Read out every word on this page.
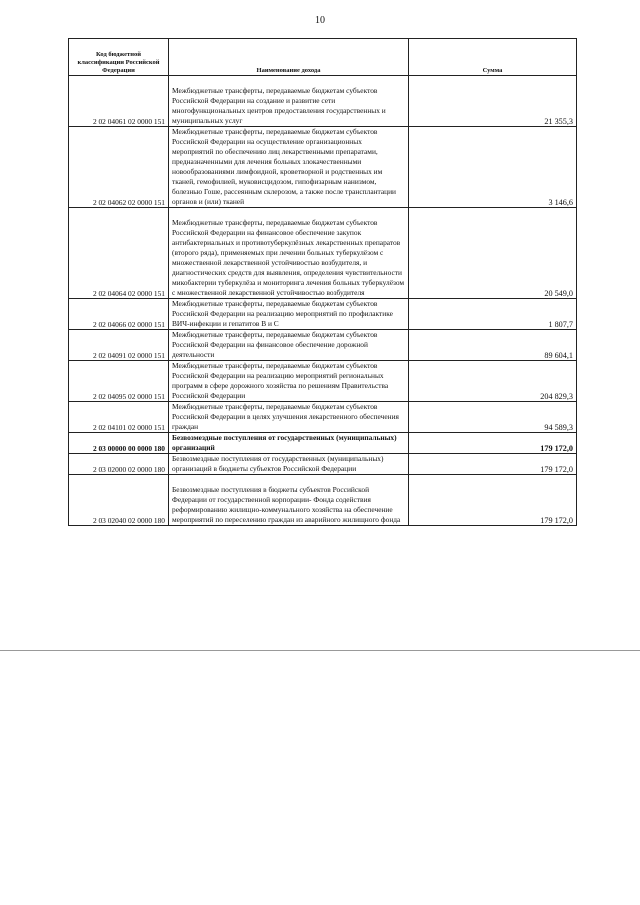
10
Код бюджетной классификации Российской Федерации	Наименование дохода	Сумма
2 02 04061 02 0000 151	Межбюджетные трансферты, передаваемые бюджетам субъектов Российской Федерации на создание и развитие сети многофункциональных центров предоставления государственных и муниципальных услуг	21 355,3
2 02 04062 02 0000 151	Межбюджетные трансферты, передаваемые бюджетам субъектов Российской Федерации на осуществление организационных мероприятий по обеспечению лиц лекарственными препаратами, предназначенными для лечения больных злокачественными новообразованиями лимфоидной, кроветворной и родственных им тканей, гемофилией, муковисцидозом, гипофизарным нанизмом, болезнью Гоше, рассеянным склерозом, а также после трансплантации органов и (или) тканей	3 146,6
2 02 04064 02 0000 151	Межбюджетные трансферты, передаваемые бюджетам субъектов Российской Федерации на финансовое обеспечение закупок антибактериальных и противотуберкулёзных лекарственных препаратов (второго ряда), применяемых при лечении больных туберкулёзом с множественной лекарственной устойчивостью возбудителя, и диагностических средств для выявления, определения чувствительности микобактерии туберкулёза и мониторинга лечения больных туберкулёзом с множественной лекарственной устойчивостью возбудителя	20 549,0
2 02 04066 02 0000 151	Межбюджетные трансферты, передаваемые бюджетам субъектов Российской Федерации на реализацию мероприятий по профилактике ВИЧ-инфекции и гепатитов В и С	1 807,7
2 02 04091 02 0000 151	Межбюджетные трансферты, передаваемые бюджетам субъектов Российской Федерации на финансовое обеспечение дорожной деятельности	89 604,1
2 02 04095 02 0000 151	Межбюджетные трансферты, передаваемые бюджетам субъектов Российской Федерации на реализацию мероприятий региональных программ в сфере дорожного хозяйства по решениям Правительства Российской Федерации	204 829,3
2 02 04101 02 0000 151	Межбюджетные трансферты, передаваемые бюджетам субъектов Российской Федерации в целях улучшения лекарственного обеспечения граждан	94 589,3
2 03 00000 00 0000 180	Безвозмездные поступления от государственных (муниципальных) организаций	179 172,0
2 03 02000 02 0000 180	Безвозмездные поступления от государственных (муниципальных) организаций в бюджеты субъектов Российской Федерации	179 172,0
2 03 02040 02 0000 180	Безвозмездные поступления в бюджеты субъектов Российской Федерации от государственной корпорации- Фонда содействия реформированию жилищно-коммунального хозяйства на обеспечение мероприятий по переселению граждан из аварийного жилищного фонда	179 172,0
